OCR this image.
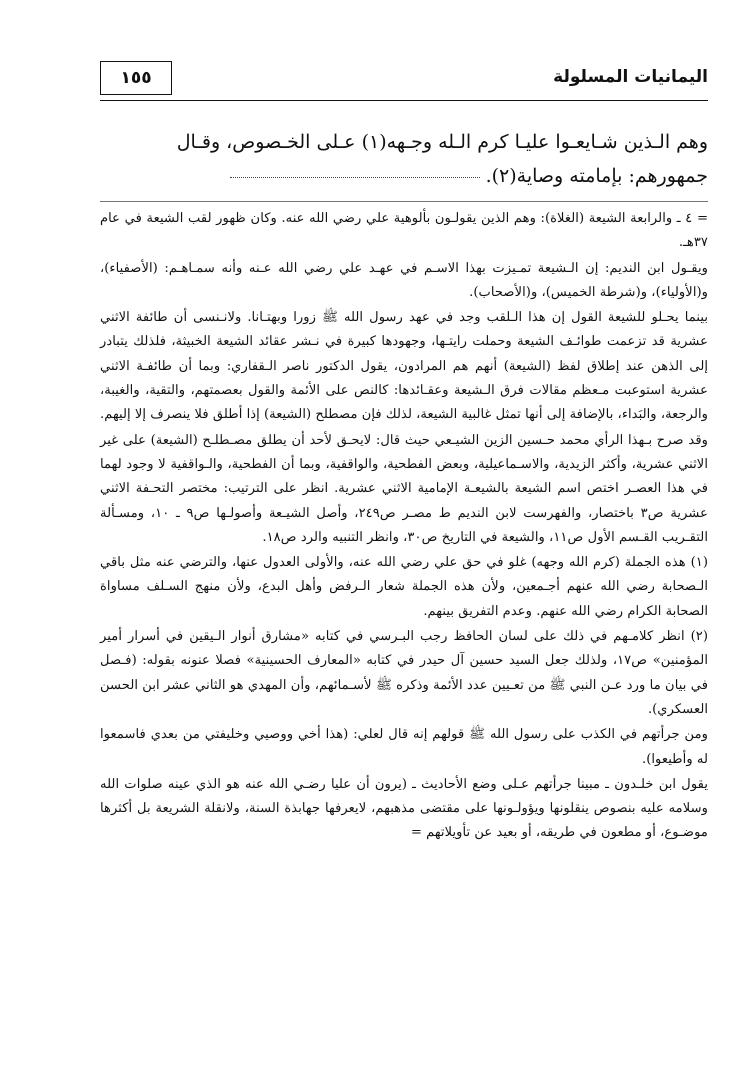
اليمانيات المسلولة
١٥٥
وهم الـذين شـايعـوا عليـا كرم الـله وجـهه(١) عـلى الخـصوص، وقـال
جمهورهم: بإمامته وصاية(٢).

= ٤ ـ والرابعة الشيعة (الغلاة): وهم الذين يقولـون بألوهية علي رضي الله عنه. وكان ظهور لقب الشيعة في عام ٣٧هـ.

ويقـول ابن النديم: إن الـشيعة تمـيزت بهذا الاسـم في عهـد علي رضي الله عـنه وأنه سمـاهـم: (الأصفياء)، و(الأولياء)، و(شرطة الخميس)، و(الأصحاب).

بينما يحـلو للشيعة القول إن هذا الـلقب وجد في عهد رسول الله ﷺ زورا وبهتـانا. ولانـنسى أن طائفة الاثني عشرية قد تزعمت طوائـف الشيعة وحملت رايتـها، وجهودها كبيرة في نـشر عقائد الشيعة الخبيثة، فلذلك يتبادر إلى الذهن عند إطلاق لفظ (الشيعة) أنهم هم المرادون، يقول الدكتور ناصر الـقفاري: وبما أن طائفـة الاثني عشرية استوعبت مـعظم مقالات فرق الـشيعة وعقـائدها: كالنص على الأئمة والقول بعصمتهم، والتقية، والغيبة، والرجعة، والبَداء، بالإضافة إلى أنها تمثل غالبية الشيعة، لذلك فإن مصطلح (الشيعة) إذا أطلق فلا ينصرف إلا إليهم.

وقد صرح بـهذا الرأي محمد حـسين الزين الشيـعي حيث قال: لايحـق لأحد أن يطلق مصـطلـح (الشيعة) على غير الاثني عشرية، وأكثر الزيدية، والاسـماعيلية، وبعض الفطحية، والواقفية، وبما أن الفطحية، والـواقفية لا وجود لهما في هذا العصـر اختص اسم الشيعة بالشيعـة الإمامية الاثني عشرية. انظر على الترتيب: مختصر التحـفة الاثني عشرية ص٣ باختصار، والفهرست لابن النديم ط مصـر ص٢٤٩، وأصل الشيـعة وأصولـها ص٩ ـ ١٠، ومسـألة التقـريب القـسم الأول ص١١، والشيعة في التاريخ ص٣٠، وانظر التنبيه والرد ص١٨.

(١) هذه الجملة (كرم الله وجهه) غلو في حق علي رضي الله عنه، والأولى العدول عنها، والترضي عنه مثل باقي الـصحابة رضي الله عنهم أجـمعين، ولأن هذه الجملة شعار الـرفض وأهل البدع، ولأن منهج السـلف مساواة الصحابة الكرام رضي الله عنهم. وعدم التفريق بينهم.

(٢) انظر كلامـهم في ذلك على لسان الحافظ رجب البـرسي في كتابه «مشارق أنوار الـيقين في أسرار أمير المؤمنين» ص١٧، ولذلك جعل السيد حسين آل حيدر في كتابه «المعارف الحسينية» فصلا عنونه بقوله: (فـصل في بيان ما ورد عـن النبي ﷺ من تعـيين عدد الأئمة وذكره ﷺ لأسـمائهم، وأن المهدي هو الثاني عشر ابن الحسن العسكري).

ومن جرأتهم في الكذب على رسول الله ﷺ قولهم إنه قال لعلي: (هذا أخي ووصيي وخليفتي من بعدي فاسمعوا له وأطيعوا).

يقول ابن خلـدون ـ مبينا جرأتهم عـلى وضع الأحاديث ـ (يرون أن عليا رضـي الله عنه هو الذي عينه صلوات الله وسلامه عليه بنصوص ينقلونها ويؤولـونها على مقتضى مذهبهم، لايعرفها جهابذة السنة، ولانقلة الشريعة بل أكثرها موضـوع، أو مطعون في طريقه، أو بعيد عن تأويلاتهم =
